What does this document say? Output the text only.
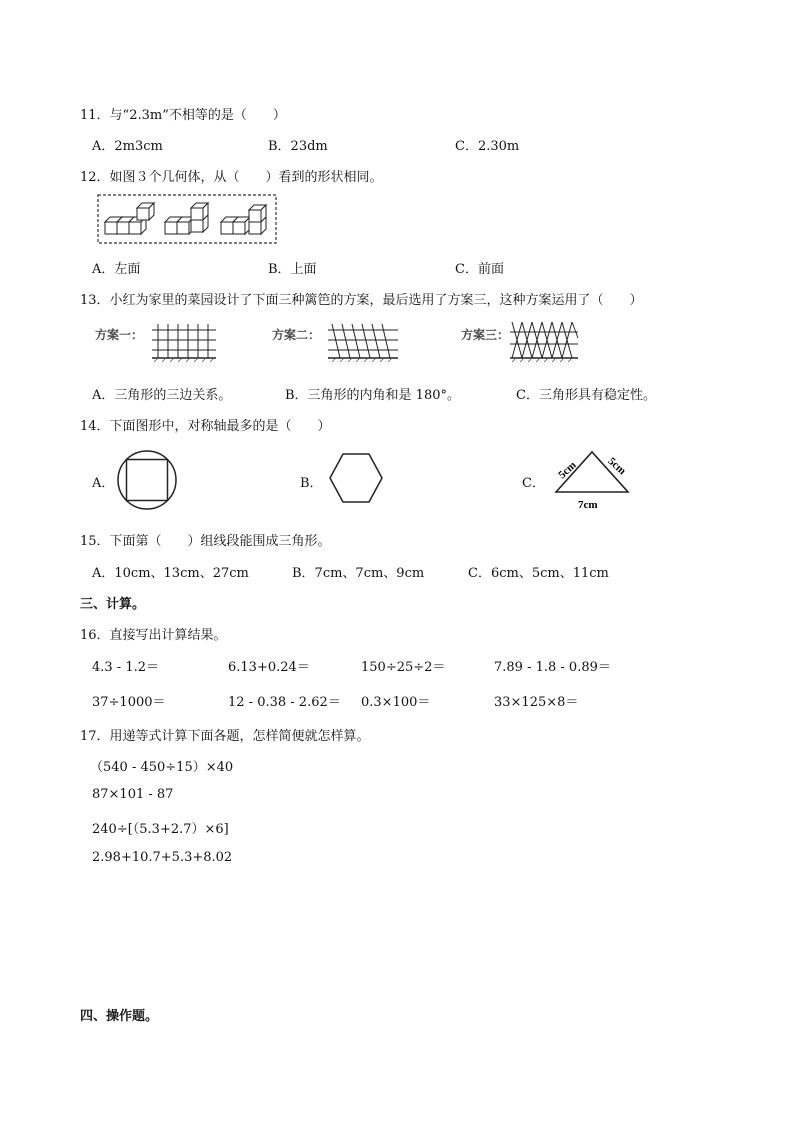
11．与“2.3m”不相等的是（　　）
A．2m3cm	B．23dm	C．2.30m
12．如图３个几何体，从（　　）看到的形状相同。
A．左面	B．上面	C．前面
13．小红为家里的菜园设计了下面三种篱笆的方案，最后选用了方案三，这种方案运用了（　　）
方案一：	方案二：	方案三：
A．三角形的三边关系。	B．三角形的内角和是 180°。	C．三角形具有稳定性。
14．下面图形中，对称轴最多的是（　　）
A．	B．	C．
5cm 5cm
7cm
15．下面第（　　）组线段能围成三角形。
A．10cm、13cm、27cm	B．7cm、7cm、9cm	C．6cm、5cm、11cm
三、计算。
16．直接写出计算结果。
4.3 - 1.2＝	6.13+0.24＝	150÷25÷2＝	7.89 - 1.8 - 0.89＝
37÷1000＝	12 - 0.38 - 2.62＝ 0.3×100＝	33×125×8＝
17．用递等式计算下面各题，怎样简便就怎样算。
（540 - 450÷15）×40
87×101 - 87
240÷[（5.3+2.7）×6]
2.98+10.7+5.3+8.02
四、操作题。
